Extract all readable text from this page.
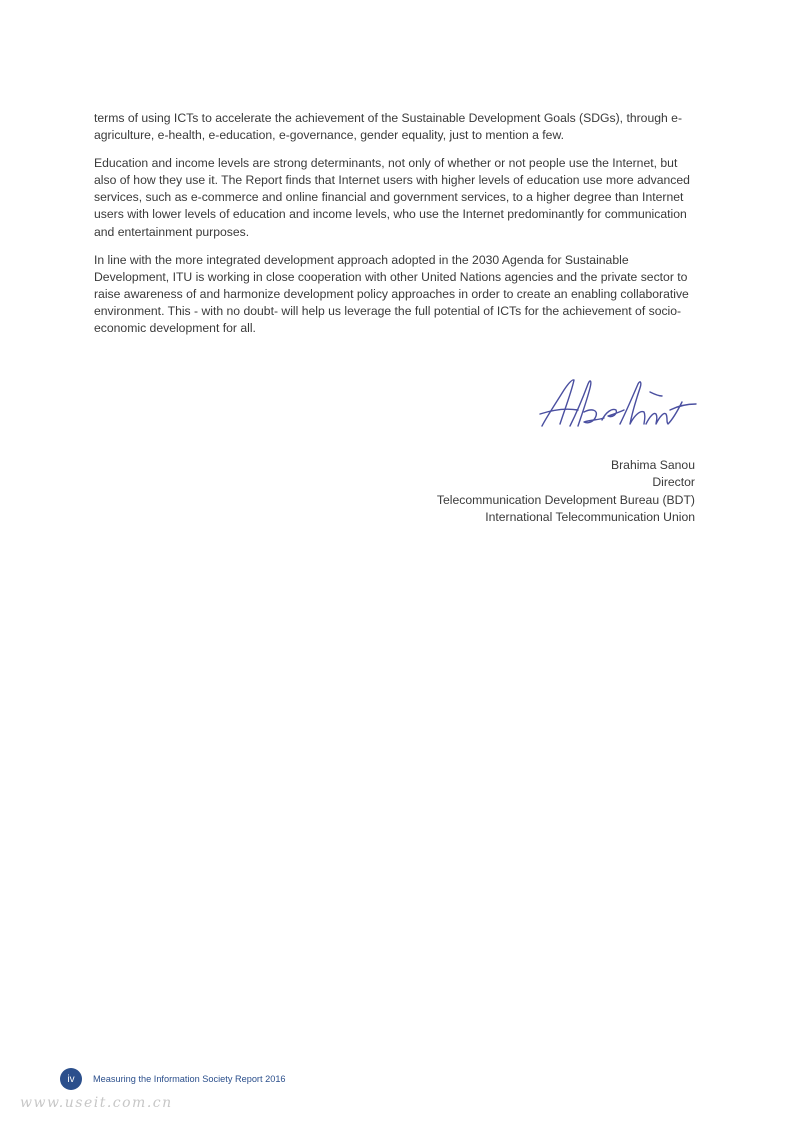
terms of using ICTs to accelerate the achievement of the Sustainable Development Goals (SDGs), through e-agriculture, e-health, e-education, e-governance, gender equality, just to mention a few.

Education and income levels are strong determinants, not only of whether or not people use the Internet, but also of how they use it. The Report finds that Internet users with higher levels of education use more advanced services, such as e-commerce and online financial and government services, to a higher degree than Internet users with lower levels of education and income levels, who use the Internet predominantly for communication and entertainment purposes.

In line with the more integrated development approach adopted in the 2030 Agenda for Sustainable Development, ITU is working in close cooperation with other United Nations agencies and the private sector to raise awareness of and harmonize development policy approaches in order to create an enabling collaborative environment. This - with no doubt- will help us leverage the full potential of ICTs for the achievement of socio-economic development for all.

Brahima Sanou
Director
Telecommunication Development Bureau (BDT)
International Telecommunication Union
iv	Measuring the Information Society Report 2016
www.useit.com.cn
